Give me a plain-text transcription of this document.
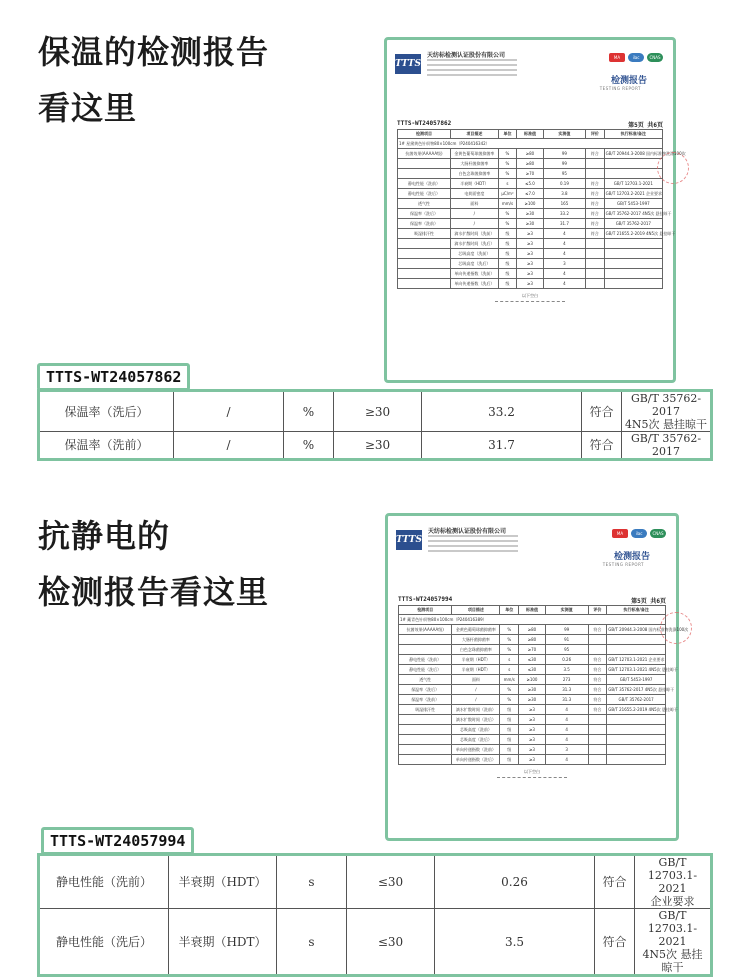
保温的检测报告
看这里
TTTS
天纺标检测认证股份有限公司	MA	ilac	CNAS
检测报告
TESTING REPORT
TTTS-WT24057862	第5页 共6页
检测项目	项目描述	单位	标准值	实测值	评价	执行标准/备注
1# 星黛黄色针织物80×100cm（P240416342）						
抗菌效果(AAAAA级)	金黄色葡萄球菌抑菌率	%	≥80	99	符合	GB/T 20944.3-2008 国内标准物洗涤100次
	大肠杆菌抑菌率	%	≥80	99		
	白色念珠菌抑菌率	%	≥70	95		
静电性能（洗前）	半衰期（HDT）	s	≤5.0	0.19	符合	GB/T 12703.1-2021
静电性能（洗后）	电荷面密度	μC/m²	≤7.0	3.8	符合	GB/T 12703.2-2021 企业要求
透气性	面料	mm/s	≥100	165	符合	GB/T 5453-1997
保温率（洗后）	/	%	≥30	33.2	符合	GB/T 35762-2017 4N5次 悬挂晾干
保温率（洗前）	/	%	≥30	31.7	符合	GB/T 35762-2017
吸湿排汗性	滴水扩散时间（洗前）	级	≥3	4	符合	GB/T 21655.2-2019 4N5次 悬挂晾干
	滴水扩散时间（洗后）	级	≥3	4		
	芯吸高度（洗前）	级	≥3	4		
	芯吸高度（洗后）	级	≥3	3		
	单向传递指数（洗前）	级	≥3	4		
	单向传递指数（洗后）	级	≥3	4		
以下空白
TTTS-WT24057862
保温率（洗后）	/	%	≥30	33.2	符合	GB/T 35762-2017
4N5次 悬挂晾干

保温率（洗前）	/	%	≥30	31.7	符合	GB/T 35762-2017
抗静电的
检测报告看这里
TTTS
天纺标检测认证股份有限公司	MA	ilac	CNAS
检测报告
TESTING REPORT
TTTS-WT24057994	第5页 共6页
检测项目	项目描述	单位	标准值	实测值	评价	执行标准/备注
1# 藏青色针织物80×100cm（P240416389）						
抗菌效果(AAAAA级)	金黄色葡萄球菌抑菌率	%	≥80	99	符合	GB/T 20944.3-2008 国内标准物洗涤100次
	大肠杆菌抑菌率	%	≥80	91		
	白色念珠菌抑菌率	%	≥70	95		
静电性能（洗前）	半衰期（HDT）	s	≤30	0.26	符合	GB/T 12703.1-2021 企业要求
静电性能（洗后）	半衰期（HDT）	s	≤30	3.5	符合	GB/T 12703.1-2021 4N5次 悬挂晾干
透气性	面料	mm/s	≥100	273	符合	GB/T 5453-1997
保温率（洗后）	/	%	≥30	31.3	符合	GB/T 35762-2017 4N5次 悬挂晾干
保温率（洗前）	/	%	≥30	31.3	符合	GB/T 35762-2017
吸湿排汗性	滴水扩散时间（洗前）	级	≥3	4	符合	GB/T 21655.2-2019 4N5次 悬挂晾干
	滴水扩散时间（洗后）	级	≥3	4		
	芯吸高度（洗前）	级	≥3	4		
	芯吸高度（洗后）	级	≥3	4		
	单向传递指数（洗前）	级	≥3	3		
	单向传递指数（洗后）	级	≥3	4		
以下空白
TTTS-WT24057994
静电性能（洗前）	半衰期（HDT）	s	≤30	0.26	符合	GB/T 12703.1-2021
企业要求

静电性能（洗后）	半衰期（HDT）	s	≤30	3.5	符合	GB/T 12703.1-2021
4N5次 悬挂晾干
